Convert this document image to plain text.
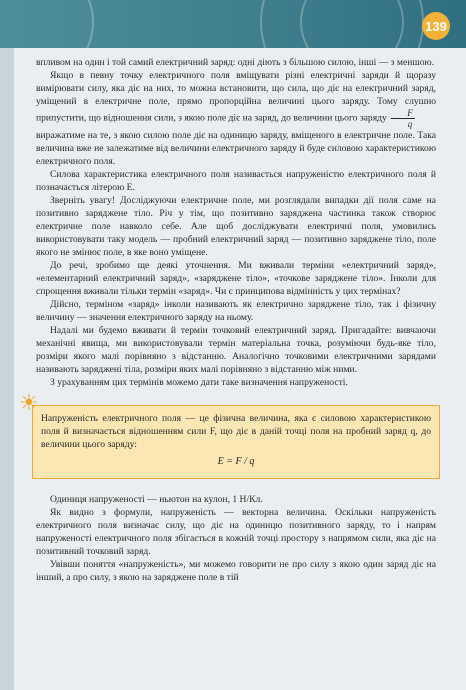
139

впливом на один і той самий електричний заряд: одні діють з більшою силою, інші — з меншою.

Якщо в певну точку електричного поля вміщувати різні електричні заряди й щоразу вимірювати силу, яка діє на них, то можна встановити, що сила, що діє на електричний заряд, уміщений в електричне поле, прямо пропорційна величині цього заряду. Тому слушно припустити, що відношення сили, з якою поле діє на заряд, до величини цього заряду $\frac{F}{q}$

виражатиме на те, з якою силою поле діє на одиницю заряду, вміщеного в електричне поле. Така величина вже не залежатиме від величини електричного заряду й буде силовою характеристикою електричного поля.

Силова характеристика електричного поля називається напруженістю електричного поля й позначається літерою E.

Зверніть увагу! Досліджуючи електричне поле, ми розглядали випадки дії поля саме на позитивно заряджене тіло. Річ у тім, що позитивно заряджена частинка також створює електричне поле навколо себе. Але щоб досліджувати електричні поля, умовились використовувати таку модель — пробний електричний заряд — позитивно заряджене тіло, поле якого не змінює поле, в яке воно уміщене.

До речі, зробимо ще деякі уточнення. Ми вживали терміни «електричний заряд», «елементарний електричний заряд», «заряджене тіло», «точкове заряджене тіло». Інколи для спрощення вживали тільки термін «заряд». Чи є принципова відмінність у цих термінах?

Дійсно, терміном «заряд» інколи називають як електрично заряджене тіло, так і фізичну величину — значення електричного заряду на ньому.

Надалі ми будемо вживати й термін точковий електричний заряд. Пригадайте: вивчаючи механічні явища, ми використовували термін матеріальна точка, розуміючи будь-яке тіло, розміри якого малі порівняно з відстанню. Аналогічно точковими електричними зарядами називають заряджені тіла, розміри яких малі порівняно з відстанню між ними.

З урахуванням цих термінів можемо дати таке визначення напруженості.

☀
Напруженість електричного поля — це фізична величина, яка є силовою характеристикою поля й визначається відношенням сили F, що діє в даній точці поля на пробний заряд q, до величини цього заряду:
E = F / q

Одиниця напруженості — ньютон на кулон, 1 Н/Кл.

Як видно з формули, напруженість — векторна величина. Оскільки напруженість електричного поля визначає силу, що діє на одиницю позитивного заряду, то і напрям напруженості електричного поля збігається в кожній точці простору з напрямом сили, яка діє на позитивний точковий заряд.

Увівши поняття «напруженість», ми можемо говорити не про силу з якою один заряд діє на інший, а про силу, з якою на заряджене поле в тій
